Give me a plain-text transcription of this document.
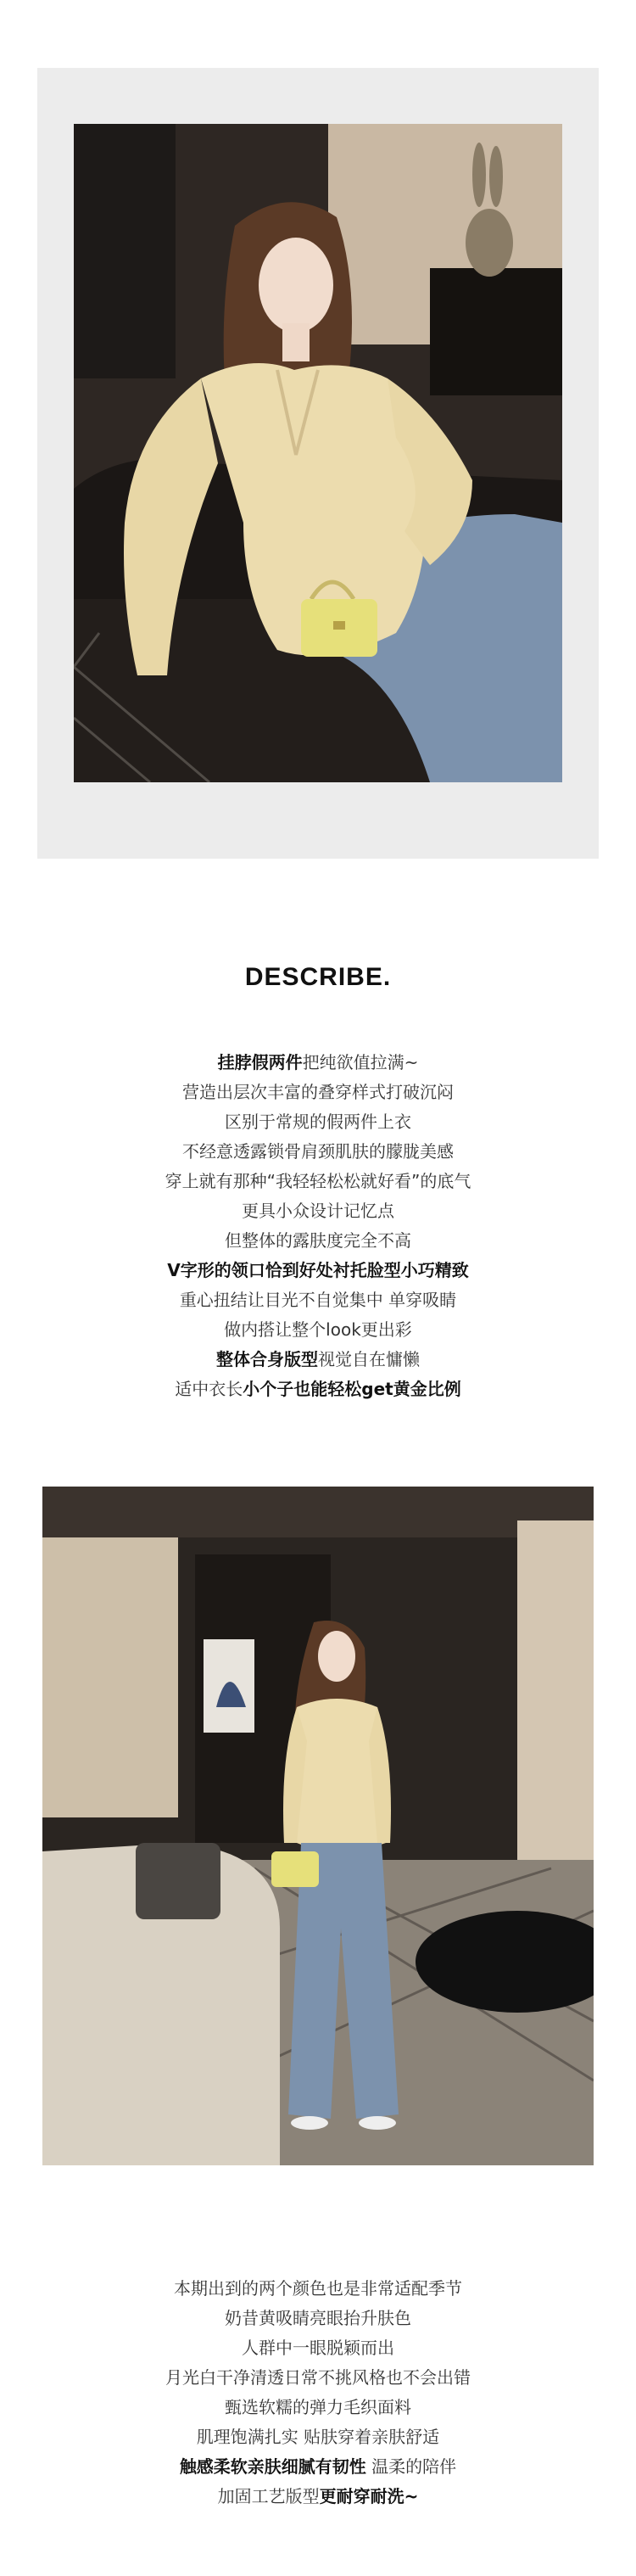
DESCRIBE.
挂脖假两件把纯欲值拉满~
营造出层次丰富的叠穿样式打破沉闷
区别于常规的假两件上衣
不经意透露锁骨肩颈肌肤的朦胧美感
穿上就有那种“我轻轻松松就好看”的底气
更具小众设计记忆点
但整体的露肤度完全不高
V字形的领口恰到好处衬托脸型小巧精致
重心扭结让目光不自觉集中 单穿吸睛
做内搭让整个look更出彩
整体合身版型视觉自在慵懒
适中衣长小个子也能轻松get黄金比例
本期出到的两个颜色也是非常适配季节
奶昔黄吸睛亮眼抬升肤色
人群中一眼脱颖而出
月光白干净清透日常不挑风格也不会出错
甄选软糯的弹力毛织面料
肌理饱满扎实 贴肤穿着亲肤舒适
触感柔软亲肤细腻有韧性 温柔的陪伴
加固工艺版型更耐穿耐洗~
